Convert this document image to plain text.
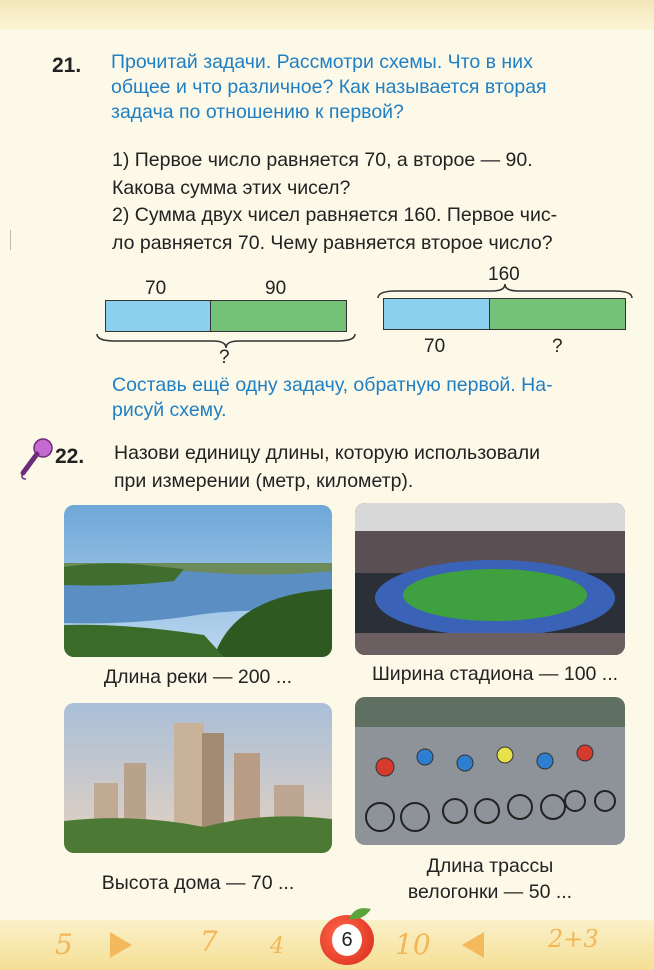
21. Прочитай задачи. Рассмотри схемы. Что в них
общее и что различное? Как называется вторая
задача по отношению к первой?
1) Первое число равняется 70, а второе — 90.
Какова сумма этих чисел?
2) Сумма двух чисел равняется 160. Первое чис-
ло равняется 70. Чему равняется второе число?
70	90
?
160
70	?
Составь ещё одну задачу, обратную первой. На-
рисуй схему.
22. Назови единицу длины, которую использовали
при измерении (метр, километр).
Длина реки — 200 ...	Ширина стадиона — 100 ...
Высота дома — 70 ...
Длина трассы
велогонки — 50 ...
5	7 4	6	10	2+3
